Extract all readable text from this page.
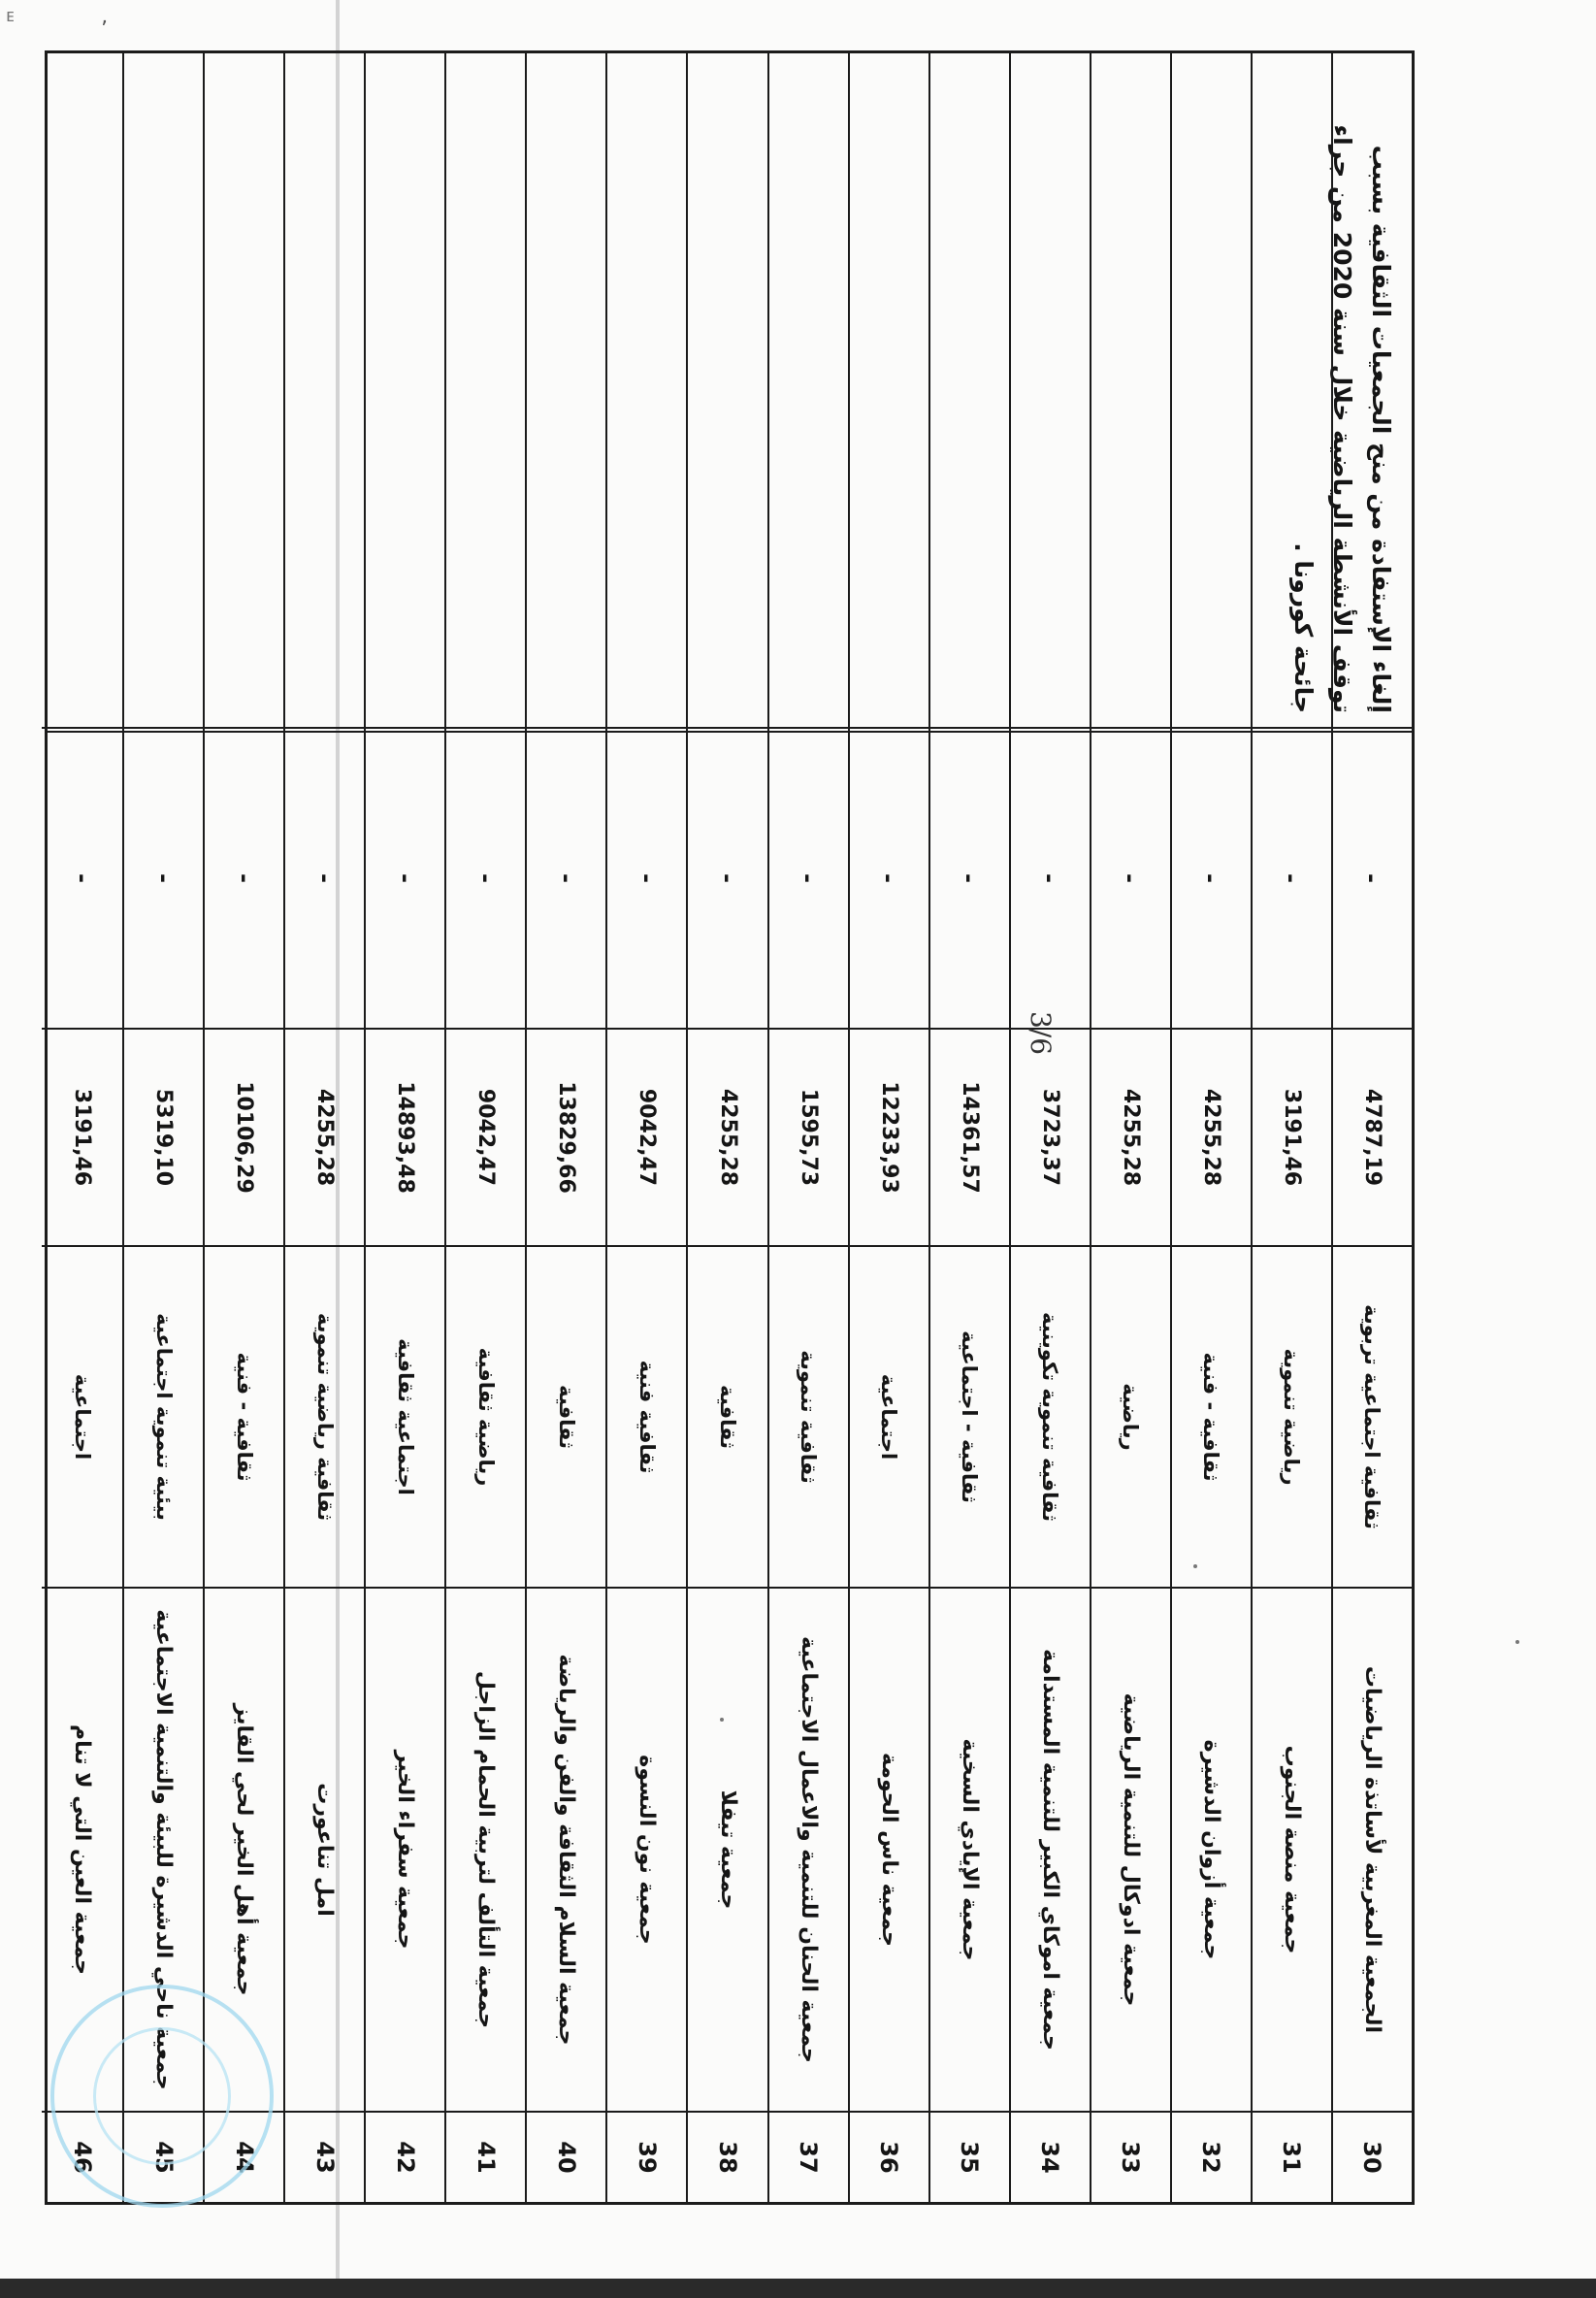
ᴇ
ʼ
إلغاء الإستفادة من منح الجمعيات الثقافية بسبب توقف الأنشطة الرياضية خلال سنة 2020 من جراء جائحة كورونا .
30
الجمعية المغربية لأساتذة الرياضيات
ثقافية اجتماعية تربوية
4787,19
-
31
جمعية منصة الجنوب
رياضية تنموية
3191,46
-
32
جمعية أزوان الدشيرة
ثقافية - فنية
4255,28
-
33
جمعية ادوكال للتنمية الرياضية
رياضية
4255,28
-
34
جمعية اموكاي الكبير للتنمية المستدامة
ثقافية تنموية تكوينية
3723,37
-
35
جمعية الإيادي السخية
ثقافية - اجتماعية
14361,57
-
36
جمعية ناس الحومة
اجتماعية
12233,93
-
37
جمعية الحنان للتنمية والاعمال الاجتماعية
ثقافية تنموية
1595,73
-
38
جمعية تيفلا
ثقافية
4255,28
-
39
جمعية نون النسوة
ثقافية فنية
9042,47
-
40
جمعية السلام الثقافة والفن والرياضة
ثقافية
13829,66
-
41
جمعية التألف لتربية الحمام الزاجل
رياضية ثقافية
9042,47
-
42
جمعية سفراء الخير
اجتماعية ثقافية
14893,48
-
43
امل تناعورت
ثقافية رياضية تنموية
4255,28
-
44
جمعية أهل الخير لحي القايز
ثقافية - فنية
10106,29
-
45
جمعية ناحي الدشيرة للبيئة والتنمية الاجتماعية
بيئية تنموية اجتماعية
5319,10
-
46
جمعية العين التي لا تنام
اجتماعية
3191,46
-
3/6
